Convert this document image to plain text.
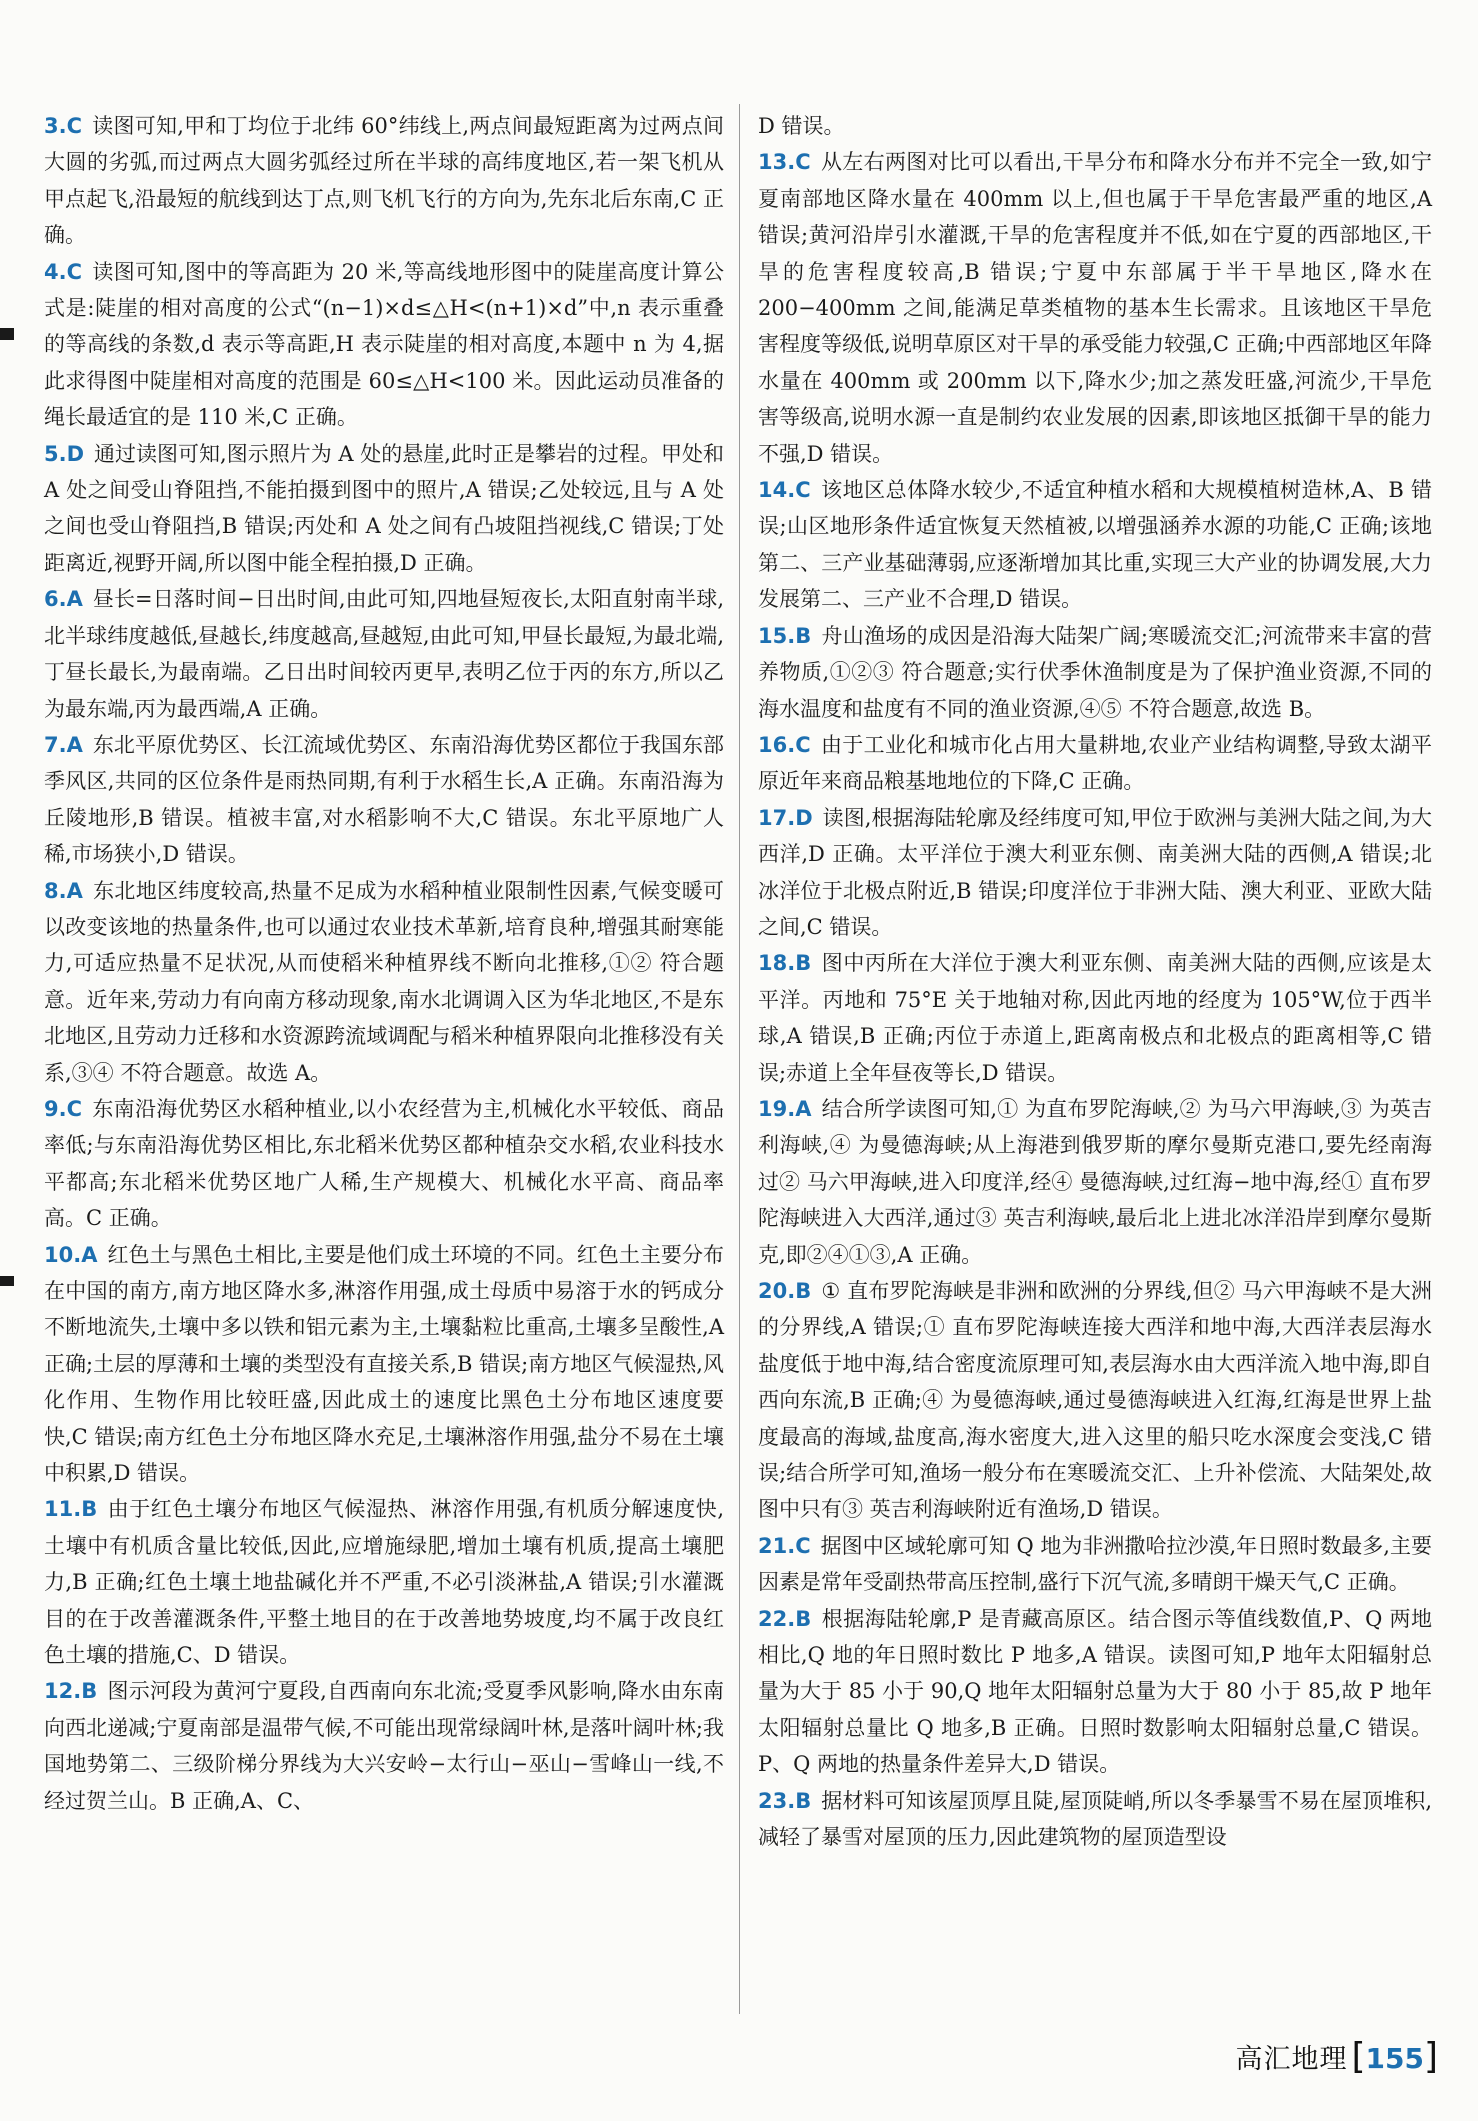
3.C 读图可知,甲和丁均位于北纬 60°纬线上,两点间最短距离为过两点间大圆的劣弧,而过两点大圆劣弧经过所在半球的高纬度地区,若一架飞机从甲点起飞,沿最短的航线到达丁点,则飞机飞行的方向为,先东北后东南,C 正确。

4.C 读图可知,图中的等高距为 20 米,等高线地形图中的陡崖高度计算公式是:陡崖的相对高度的公式“(n−1)×d≤△H<(n+1)×d”中,n 表示重叠的等高线的条数,d 表示等高距,H 表示陡崖的相对高度,本题中 n 为 4,据此求得图中陡崖相对高度的范围是 60≤△H<100 米。因此运动员准备的绳长最适宜的是 110 米,C 正确。

5.D 通过读图可知,图示照片为 A 处的悬崖,此时正是攀岩的过程。甲处和 A 处之间受山脊阻挡,不能拍摄到图中的照片,A 错误;乙处较远,且与 A 处之间也受山脊阻挡,B 错误;丙处和 A 处之间有凸坡阻挡视线,C 错误;丁处距离近,视野开阔,所以图中能全程拍摄,D 正确。

6.A 昼长=日落时间−日出时间,由此可知,四地昼短夜长,太阳直射南半球,北半球纬度越低,昼越长,纬度越高,昼越短,由此可知,甲昼长最短,为最北端,丁昼长最长,为最南端。乙日出时间较丙更早,表明乙位于丙的东方,所以乙为最东端,丙为最西端,A 正确。

7.A 东北平原优势区、长江流域优势区、东南沿海优势区都位于我国东部季风区,共同的区位条件是雨热同期,有利于水稻生长,A 正确。东南沿海为丘陵地形,B 错误。植被丰富,对水稻影响不大,C 错误。东北平原地广人稀,市场狭小,D 错误。

8.A 东北地区纬度较高,热量不足成为水稻种植业限制性因素,气候变暖可以改变该地的热量条件,也可以通过农业技术革新,培育良种,增强其耐寒能力,可适应热量不足状况,从而使稻米种植界线不断向北推移,①② 符合题意。近年来,劳动力有向南方移动现象,南水北调调入区为华北地区,不是东北地区,且劳动力迁移和水资源跨流域调配与稻米种植界限向北推移没有关系,③④ 不符合题意。故选 A。

9.C 东南沿海优势区水稻种植业,以小农经营为主,机械化水平较低、商品率低;与东南沿海优势区相比,东北稻米优势区都种植杂交水稻,农业科技水平都高;东北稻米优势区地广人稀,生产规模大、机械化水平高、商品率高。C 正确。

10.A 红色土与黑色土相比,主要是他们成土环境的不同。红色土主要分布在中国的南方,南方地区降水多,淋溶作用强,成土母质中易溶于水的钙成分不断地流失,土壤中多以铁和铝元素为主,土壤黏粒比重高,土壤多呈酸性,A 正确;土层的厚薄和土壤的类型没有直接关系,B 错误;南方地区气候湿热,风化作用、生物作用比较旺盛,因此成土的速度比黑色土分布地区速度要快,C 错误;南方红色土分布地区降水充足,土壤淋溶作用强,盐分不易在土壤中积累,D 错误。

11.B 由于红色土壤分布地区气候湿热、淋溶作用强,有机质分解速度快,土壤中有机质含量比较低,因此,应增施绿肥,增加土壤有机质,提高土壤肥力,B 正确;红色土壤土地盐碱化并不严重,不必引淡淋盐,A 错误;引水灌溉目的在于改善灌溉条件,平整土地目的在于改善地势坡度,均不属于改良红色土壤的措施,C、D 错误。

12.B 图示河段为黄河宁夏段,自西南向东北流;受夏季风影响,降水由东南向西北递减;宁夏南部是温带气候,不可能出现常绿阔叶林,是落叶阔叶林;我国地势第二、三级阶梯分界线为大兴安岭−太行山−巫山−雪峰山一线,不经过贺兰山。B 正确,A、C、

D 错误。

13.C 从左右两图对比可以看出,干旱分布和降水分布并不完全一致,如宁夏南部地区降水量在 400mm 以上,但也属于干旱危害最严重的地区,A 错误;黄河沿岸引水灌溉,干旱的危害程度并不低,如在宁夏的西部地区,干旱的危害程度较高,B 错误;宁夏中东部属于半干旱地区,降水在 200−400mm 之间,能满足草类植物的基本生长需求。且该地区干旱危害程度等级低,说明草原区对干旱的承受能力较强,C 正确;中西部地区年降水量在 400mm 或 200mm 以下,降水少;加之蒸发旺盛,河流少,干旱危害等级高,说明水源一直是制约农业发展的因素,即该地区抵御干旱的能力不强,D 错误。

14.C 该地区总体降水较少,不适宜种植水稻和大规模植树造林,A、B 错误;山区地形条件适宜恢复天然植被,以增强涵养水源的功能,C 正确;该地第二、三产业基础薄弱,应逐渐增加其比重,实现三大产业的协调发展,大力发展第二、三产业不合理,D 错误。

15.B 舟山渔场的成因是沿海大陆架广阔;寒暖流交汇;河流带来丰富的营养物质,①②③ 符合题意;实行伏季休渔制度是为了保护渔业资源,不同的海水温度和盐度有不同的渔业资源,④⑤ 不符合题意,故选 B。

16.C 由于工业化和城市化占用大量耕地,农业产业结构调整,导致太湖平原近年来商品粮基地地位的下降,C 正确。

17.D 读图,根据海陆轮廓及经纬度可知,甲位于欧洲与美洲大陆之间,为大西洋,D 正确。太平洋位于澳大利亚东侧、南美洲大陆的西侧,A 错误;北冰洋位于北极点附近,B 错误;印度洋位于非洲大陆、澳大利亚、亚欧大陆之间,C 错误。

18.B 图中丙所在大洋位于澳大利亚东侧、南美洲大陆的西侧,应该是太平洋。丙地和 75°E 关于地轴对称,因此丙地的经度为 105°W,位于西半球,A 错误,B 正确;丙位于赤道上,距离南极点和北极点的距离相等,C 错误;赤道上全年昼夜等长,D 错误。

19.A 结合所学读图可知,① 为直布罗陀海峡,② 为马六甲海峡,③ 为英吉利海峡,④ 为曼德海峡;从上海港到俄罗斯的摩尔曼斯克港口,要先经南海过② 马六甲海峡,进入印度洋,经④ 曼德海峡,过红海−地中海,经① 直布罗陀海峡进入大西洋,通过③ 英吉利海峡,最后北上进北冰洋沿岸到摩尔曼斯克,即②④①③,A 正确。

20.B ① 直布罗陀海峡是非洲和欧洲的分界线,但② 马六甲海峡不是大洲的分界线,A 错误;① 直布罗陀海峡连接大西洋和地中海,大西洋表层海水盐度低于地中海,结合密度流原理可知,表层海水由大西洋流入地中海,即自西向东流,B 正确;④ 为曼德海峡,通过曼德海峡进入红海,红海是世界上盐度最高的海域,盐度高,海水密度大,进入这里的船只吃水深度会变浅,C 错误;结合所学可知,渔场一般分布在寒暖流交汇、上升补偿流、大陆架处,故图中只有③ 英吉利海峡附近有渔场,D 错误。

21.C 据图中区域轮廓可知 Q 地为非洲撒哈拉沙漠,年日照时数最多,主要因素是常年受副热带高压控制,盛行下沉气流,多晴朗干燥天气,C 正确。

22.B 根据海陆轮廓,P 是青藏高原区。结合图示等值线数值,P、Q 两地相比,Q 地的年日照时数比 P 地多,A 错误。读图可知,P 地年太阳辐射总量为大于 85 小于 90,Q 地年太阳辐射总量为大于 80 小于 85,故 P 地年太阳辐射总量比 Q 地多,B 正确。日照时数影响太阳辐射总量,C 错误。P、Q 两地的热量条件差异大,D 错误。

23.B 据材料可知该屋顶厚且陡,屋顶陡峭,所以冬季暴雪不易在屋顶堆积,减轻了暴雪对屋顶的压力,因此建筑物的屋顶造型设

高汇地理 [155]
